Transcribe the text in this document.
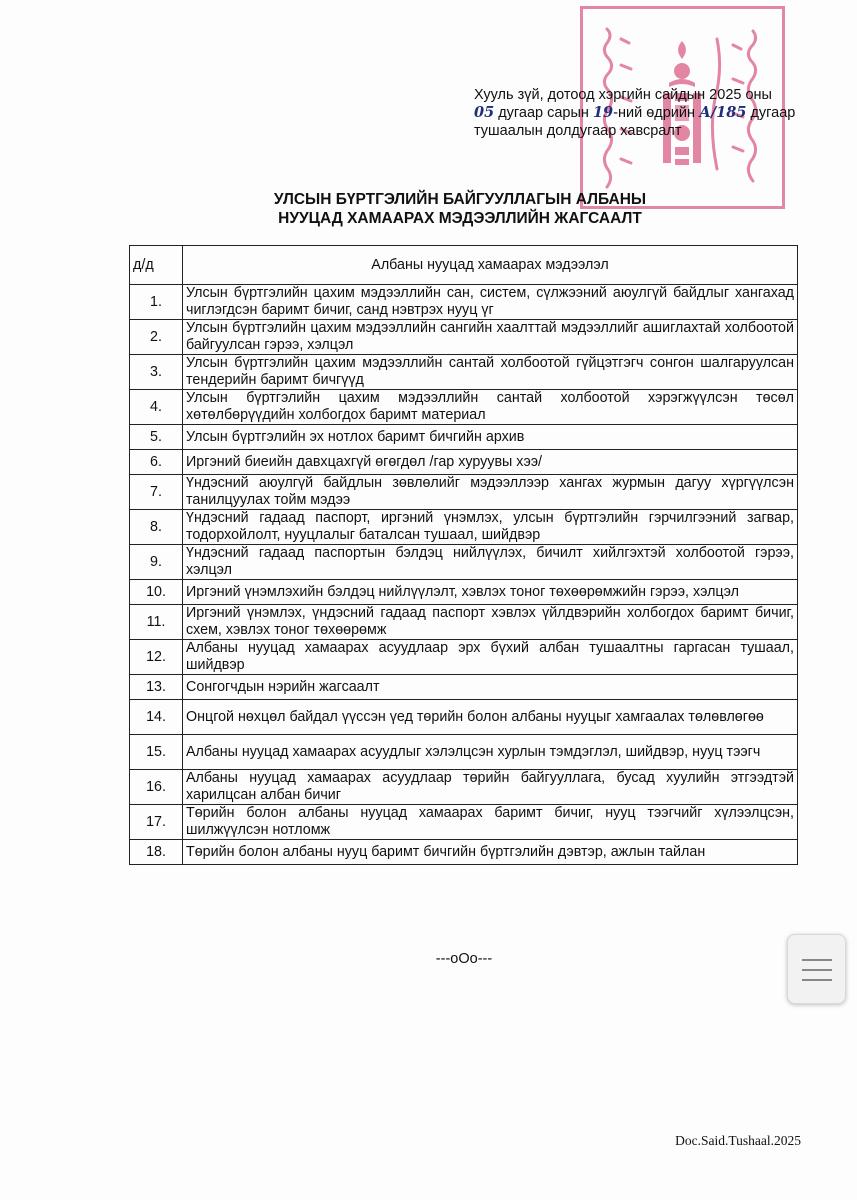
Хууль зүй, дотоод хэргийн сайдын 2025 оны
05 дугаар сарын 19-ний өдрийн А/185 дугаар
тушаалын долдугаар хавсралт
УЛСЫН БҮРТГЭЛИЙН БАЙГУУЛЛАГЫН АЛБАНЫ
НУУЦАД ХАМААРАХ МЭДЭЭЛЛИЙН ЖАГСААЛТ
д/д	Албаны нууцад хамаарах мэдээлэл
1.	Улсын бүртгэлийн цахим мэдээллийн сан, систем, сүлжээний аюулгүй байдлыг хангахад чиглэгдсэн баримт бичиг, санд нэвтрэх нууц үг
2.	Улсын бүртгэлийн цахим мэдээллийн сангийн хаалттай мэдээллийг ашиглахтай холбоотой байгуулсан гэрээ, хэлцэл
3.	Улсын бүртгэлийн цахим мэдээллийн сантай холбоотой гүйцэтгэгч сонгон шалгаруулсан тендерийн баримт бичгүүд
4.	Улсын бүртгэлийн цахим мэдээллийн сантай холбоотой хэрэгжүүлсэн төсөл хөтөлбөрүүдийн холбогдох баримт материал
5.	Улсын бүртгэлийн эх нотлох баримт бичгийн архив
6.	Иргэний биеийн давхцахгүй өгөгдөл /гар хуруувы хээ/
7.	Үндэсний аюулгүй байдлын зөвлөлийг мэдээллээр хангах журмын дагуу хүргүүлсэн танилцуулах тойм мэдээ
8.	Үндэсний гадаад паспорт, иргэний үнэмлэх, улсын бүртгэлийн гэрчилгээний загвар, тодорхойлолт, нууцлалыг баталсан тушаал, шийдвэр
9.	Үндэсний гадаад паспортын бэлдэц нийлүүлэх, бичилт хийлгэхтэй холбоотой гэрээ, хэлцэл
10.	Иргэний үнэмлэхийн бэлдэц нийлүүлэлт, хэвлэх тоног төхөөрөмжийн гэрээ, хэлцэл
11.	Иргэний үнэмлэх, үндэсний гадаад паспорт хэвлэх үйлдвэрийн холбогдох баримт бичиг, схем, хэвлэх тоног төхөөрөмж
12.	Албаны нууцад хамаарах асуудлаар эрх бүхий албан тушаалтны гаргасан тушаал, шийдвэр
13.	Сонгогчдын нэрийн жагсаалт
14.	Онцгой нөхцөл байдал үүссэн үед төрийн болон албаны нууцыг хамгаалах төлөвлөгөө
15.	Албаны нууцад хамаарах асуудлыг хэлэлцсэн хурлын тэмдэглэл, шийдвэр, нууц тээгч
16.	Албаны нууцад хамаарах асуудлаар төрийн байгууллага, бусад хуулийн этгээдтэй харилцсан албан бичиг
17.	Төрийн болон албаны нууцад хамаарах баримт бичиг, нууц тээгчийг хүлээлцсэн, шилжүүлсэн нотломж
18.	Төрийн болон албаны нууц баримт бичгийн бүртгэлийн дэвтэр, ажлын тайлан
---oOo---
Doc.Said.Tushaal.2025
